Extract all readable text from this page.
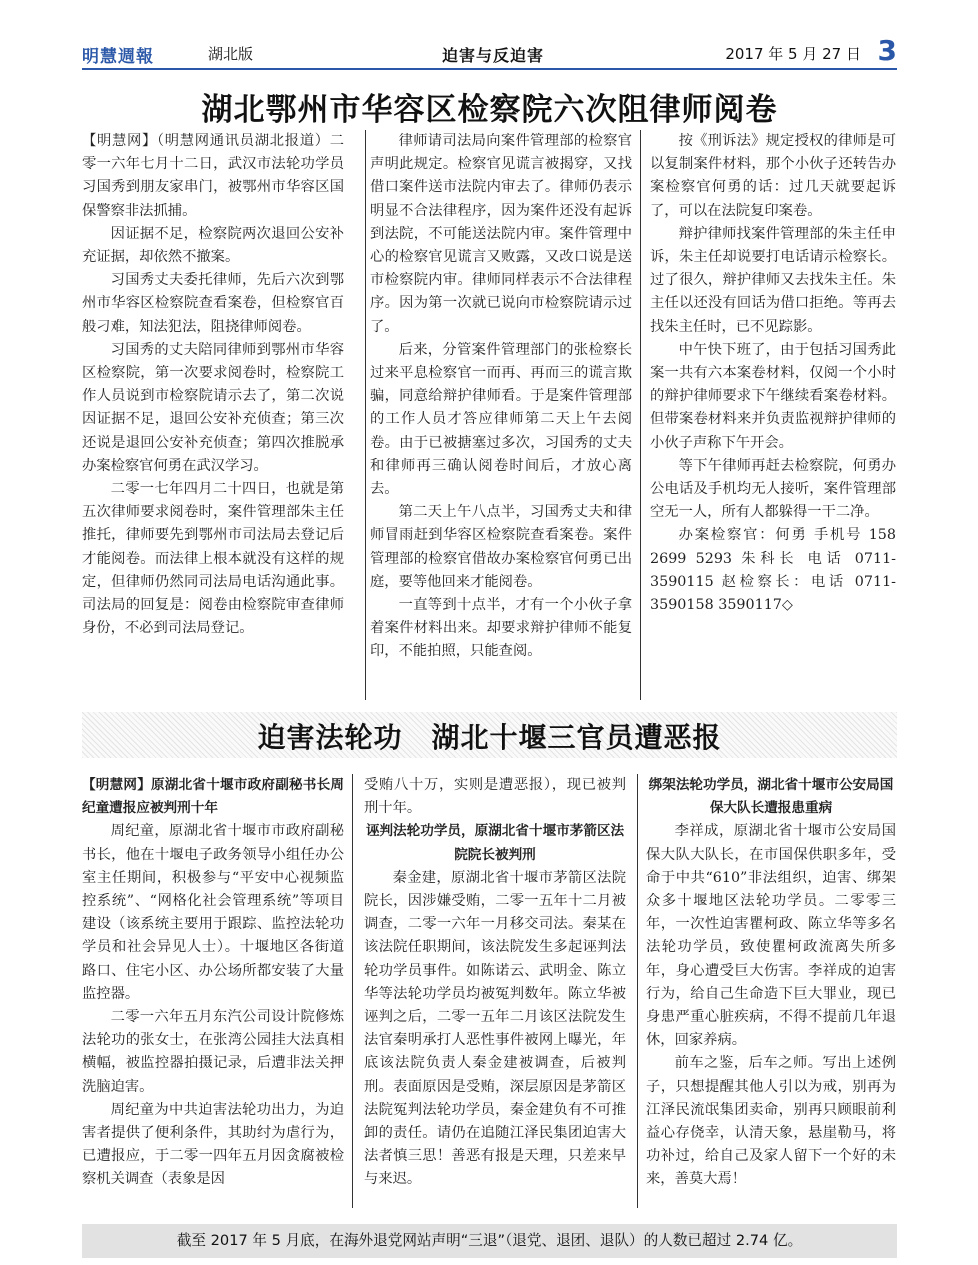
明慧週報	湖北版	迫害与反迫害	2017 年 5 月 27 日 3
湖北鄂州市华容区检察院六次阻律师阅卷

【明慧网】（明慧网通讯员湖北报道）二零一六年七月十二日，武汉市法轮功学员习国秀到朋友家串门，被鄂州市华容区国保警察非法抓捕。

因证据不足，检察院两次退回公安补充证据，却依然不撤案。

习国秀丈夫委托律师，先后六次到鄂州市华容区检察院查看案卷，但检察官百般刁难，知法犯法，阻挠律师阅卷。

习国秀的丈夫陪同律师到鄂州市华容区检察院，第一次要求阅卷时，检察院工作人员说到市检察院请示去了，第二次说因证据不足，退回公安补充侦查；第三次还说是退回公安补充侦查；第四次推脱承办案检察官何勇在武汉学习。

二零一七年四月二十四日，也就是第五次律师要求阅卷时，案件管理部朱主任推托，律师要先到鄂州市司法局去登记后才能阅卷。而法律上根本就没有这样的规定，但律师仍然同司法局电话沟通此事。司法局的回复是：阅卷由检察院审查律师身份，不必到司法局登记。

律师请司法局向案件管理部的检察官声明此规定。检察官见谎言被揭穿，又找借口案件送市法院内审去了。律师仍表示明显不合法律程序，因为案件还没有起诉到法院，不可能送法院内审。案件管理中心的检察官见谎言又败露，又改口说是送市检察院内审。律师同样表示不合法律程序。因为第一次就已说向市检察院请示过了。

后来，分管案件管理部门的张检察长过来平息检察官一而再、再而三的谎言欺骗，同意给辩护律师看。于是案件管理部的工作人员才答应律师第二天上午去阅卷。由于已被搪塞过多次，习国秀的丈夫和律师再三确认阅卷时间后，才放心离去。

第二天上午八点半，习国秀丈夫和律师冒雨赶到华容区检察院查看案卷。案件管理部的检察官借故办案检察官何勇已出庭，要等他回来才能阅卷。

一直等到十点半，才有一个小伙子拿着案件材料出来。却要求辩护律师不能复印，不能拍照，只能查阅。

按《刑诉法》规定授权的律师是可以复制案件材料，那个小伙子还转告办案检察官何勇的话：过几天就要起诉了，可以在法院复印案卷。

辩护律师找案件管理部的朱主任申诉，朱主任却说要打电话请示检察长。过了很久，辩护律师又去找朱主任。朱主任以还没有回话为借口拒绝。等再去找朱主任时，已不见踪影。

中午快下班了，由于包括习国秀此案一共有六本案卷材料，仅阅一个小时的辩护律师要求下午继续看案卷材料。但带案卷材料来并负责监视辩护律师的小伙子声称下午开会。

等下午律师再赶去检察院，何勇办公电话及手机均无人接听，案件管理部空无一人，所有人都躲得一干二净。

办案检察官：何勇 手机号 158 2699 5293 朱科长 电话 0711-3590115 赵检察长：电话 0711-3590158 3590117◇

迫害法轮功　湖北十堰三官员遭恶报

【明慧网】原湖北省十堰市政府副秘书长周纪童遭报应被判刑十年

周纪童，原湖北省十堰市市政府副秘书长，他在十堰电子政务领导小组任办公室主任期间，积极参与“平安中心视频监控系统”、“网格化社会管理系统”等项目建设（该系统主要用于跟踪、监控法轮功学员和社会异见人士）。十堰地区各街道路口、住宅小区、办公场所都安装了大量监控器。

二零一六年五月东汽公司设计院修炼法轮功的张女士，在张湾公园挂大法真相横幅，被监控器拍摄记录，后遭非法关押洗脑迫害。

周纪童为中共迫害法轮功出力，为迫害者提供了便利条件，其助纣为虐行为，已遭报应，于二零一四年五月因贪腐被检察机关调查（表象是因

受贿八十万，实则是遭恶报），现已被判刑十年。

诬判法轮功学员，原湖北省十堰市茅箭区法院院长被判刑

秦金建，原湖北省十堰市茅箭区法院院长，因涉嫌受贿，二零一五年十二月被调查，二零一六年一月移交司法。秦某在该法院任职期间，该法院发生多起诬判法轮功学员事件。如陈诺云、武明金、陈立华等法轮功学员均被冤判数年。陈立华被诬判之后，二零一五年二月该区法院发生法官秦明承打人恶性事件被网上曝光，年底该法院负责人秦金建被调查，后被判刑。表面原因是受贿，深层原因是茅箭区法院冤判法轮功学员，秦金建负有不可推卸的责任。请仍在追随江泽民集团迫害大法者慎三思！善恶有报是天理，只差来早与来迟。

绑架法轮功学员，湖北省十堰市公安局国保大队长遭报患重病

李祥成，原湖北省十堰市公安局国保大队大队长，在市国保供职多年，受命于中共“610”非法组织，迫害、绑架众多十堰地区法轮功学员。二零零三年，一次性迫害瞿柯政、陈立华等多名法轮功学员，致使瞿柯政流离失所多年，身心遭受巨大伤害。李祥成的迫害行为，给自己生命造下巨大罪业，现已身患严重心脏疾病，不得不提前几年退休，回家养病。

前车之鉴，后车之师。写出上述例子，只想提醒其他人引以为戒，别再为江泽民流氓集团卖命，别再只顾眼前利益心存侥幸，认清天象，悬崖勒马，将功补过，给自己及家人留下一个好的未来，善莫大焉！

截至 2017 年 5 月底，在海外退党网站声明“三退”（退党、退团、退队）的人数已超过 2.74 亿。
